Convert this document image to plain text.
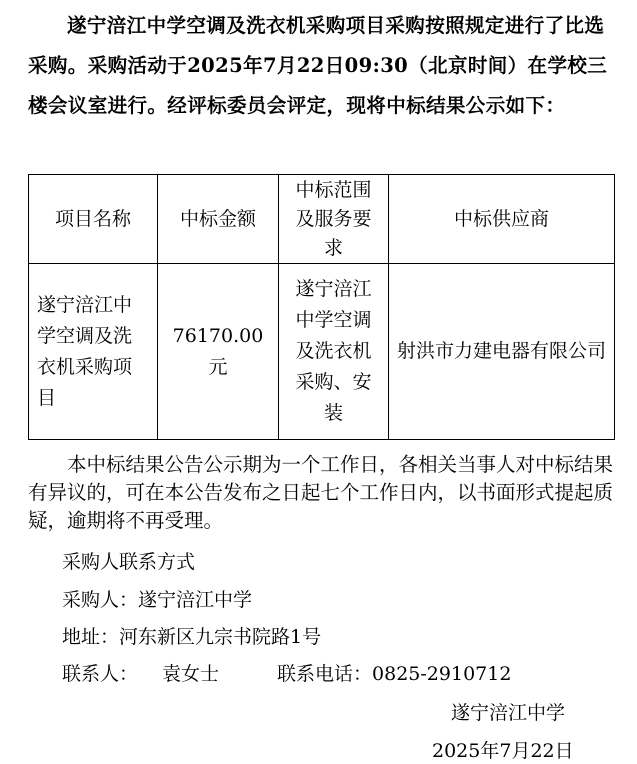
遂宁涪江中学空调及洗衣机采购项目采购按照规定进行了比选采购。采购活动于2025年7月22日09:30（北京时间）在学校三楼会议室进行。经评标委员会评定，现将中标结果公示如下：

项目名称	中标金额	中标范围及服务要求	中标供应商
遂宁涪江中学空调及洗衣机采购项目	76170.00元	遂宁涪江中学空调及洗衣机采购、安装	射洪市力建电器有限公司

本中标结果公告公示期为一个工作日，各相关当事人对中标结果有异议的，可在本公告发布之日起七个工作日内，以书面形式提起质疑，逾期将不再受理。

采购人联系方式

采购人：遂宁涪江中学

地址：河东新区九宗书院路1号

联系人： 袁女士	联系电话：0825-2910712

遂宁涪江中学

2025年7月22日
